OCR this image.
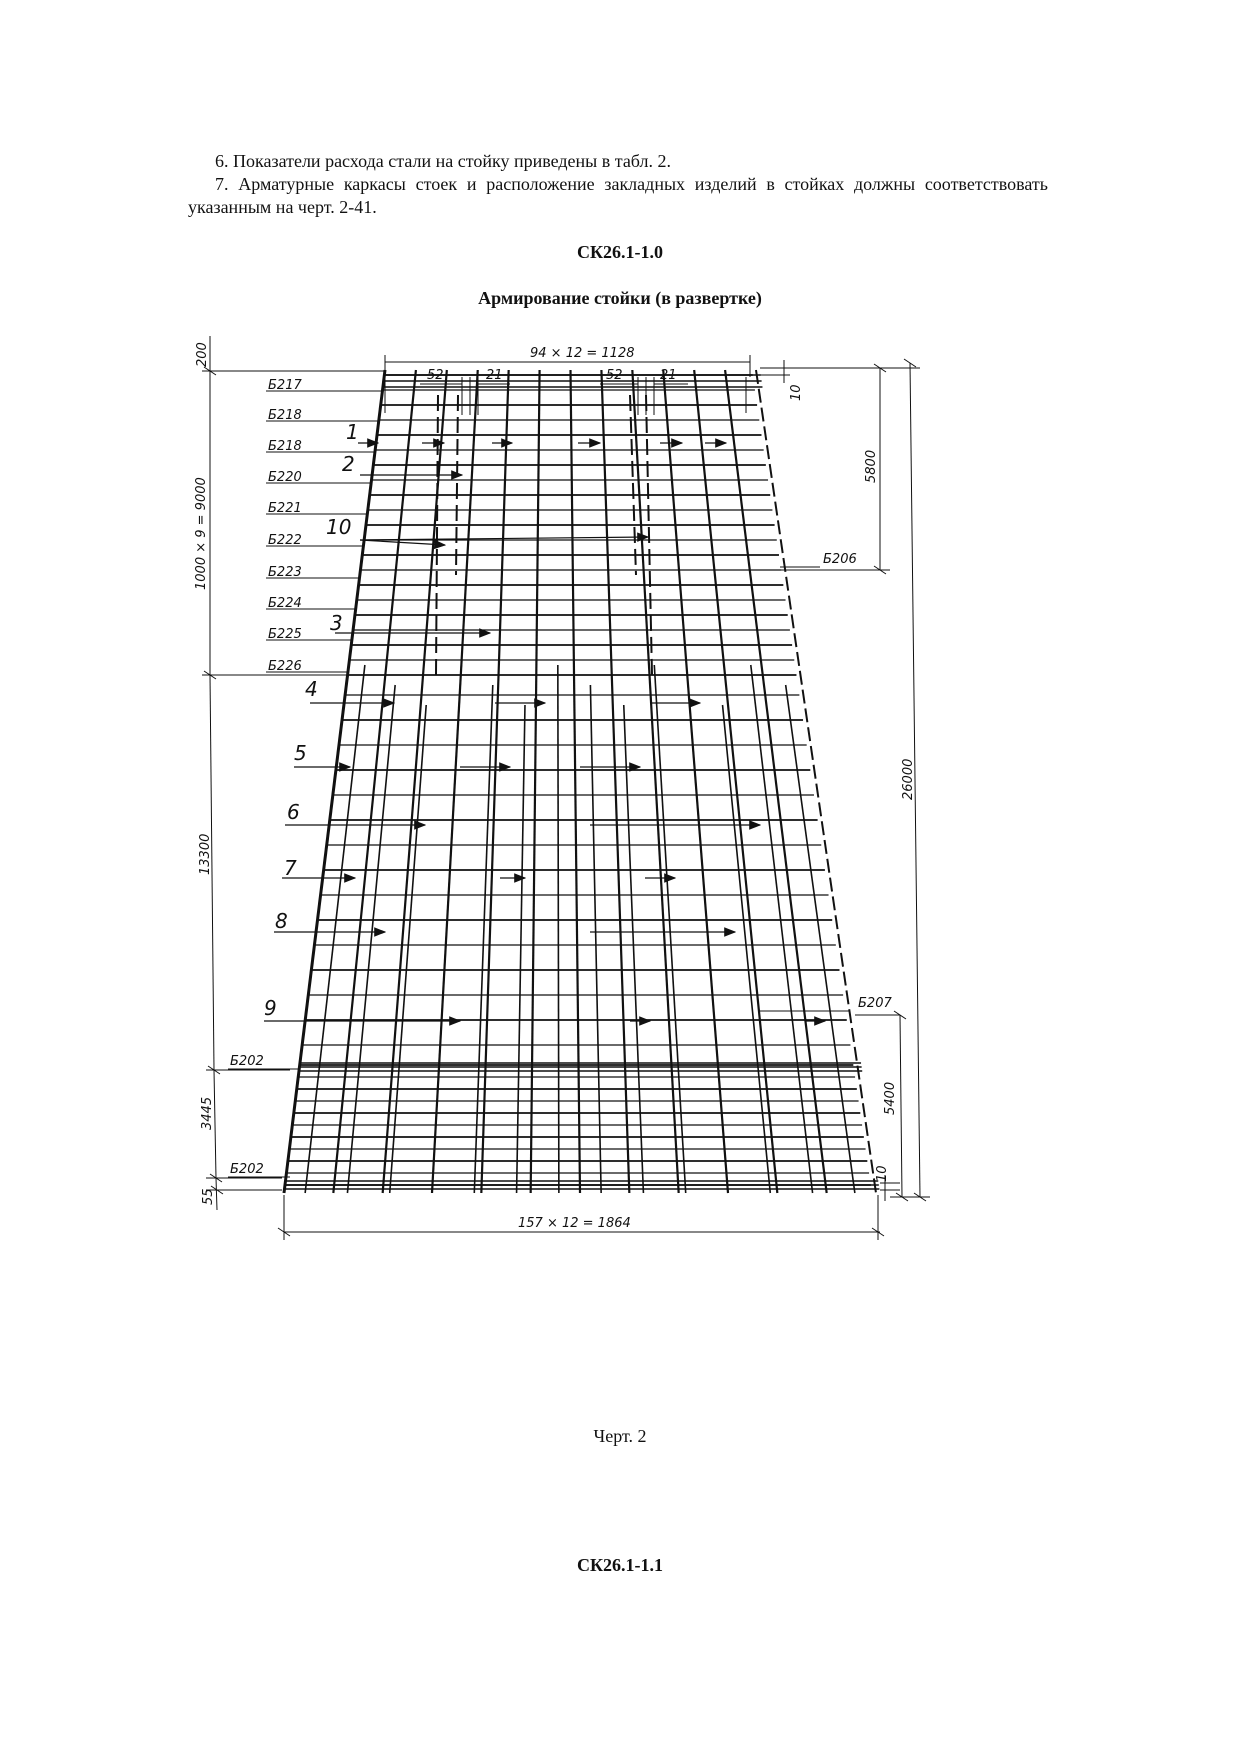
6. Показатели расхода стали на стойку приведены в табл. 2.

7. Арматурные каркасы стоек и расположение закладных изделий в стойках должны соответствовать указанным на черт. 2-41.

СК26.1-1.0

Армирование стойки (в развертке)

94 × 12 = 1128
52	21	52	21
200
1000 × 9 = 9000
13300
3445
55
10
5800
26000
5400
10
157 × 12 = 1864
Б217
Б218
Б218
Б220
Б221
Б222
Б223
Б224
Б225
Б226
Б206
Б207
Б202
Б202
1
2
10
3
4
5
6
7
8
9

Черт. 2

СК26.1-1.1
